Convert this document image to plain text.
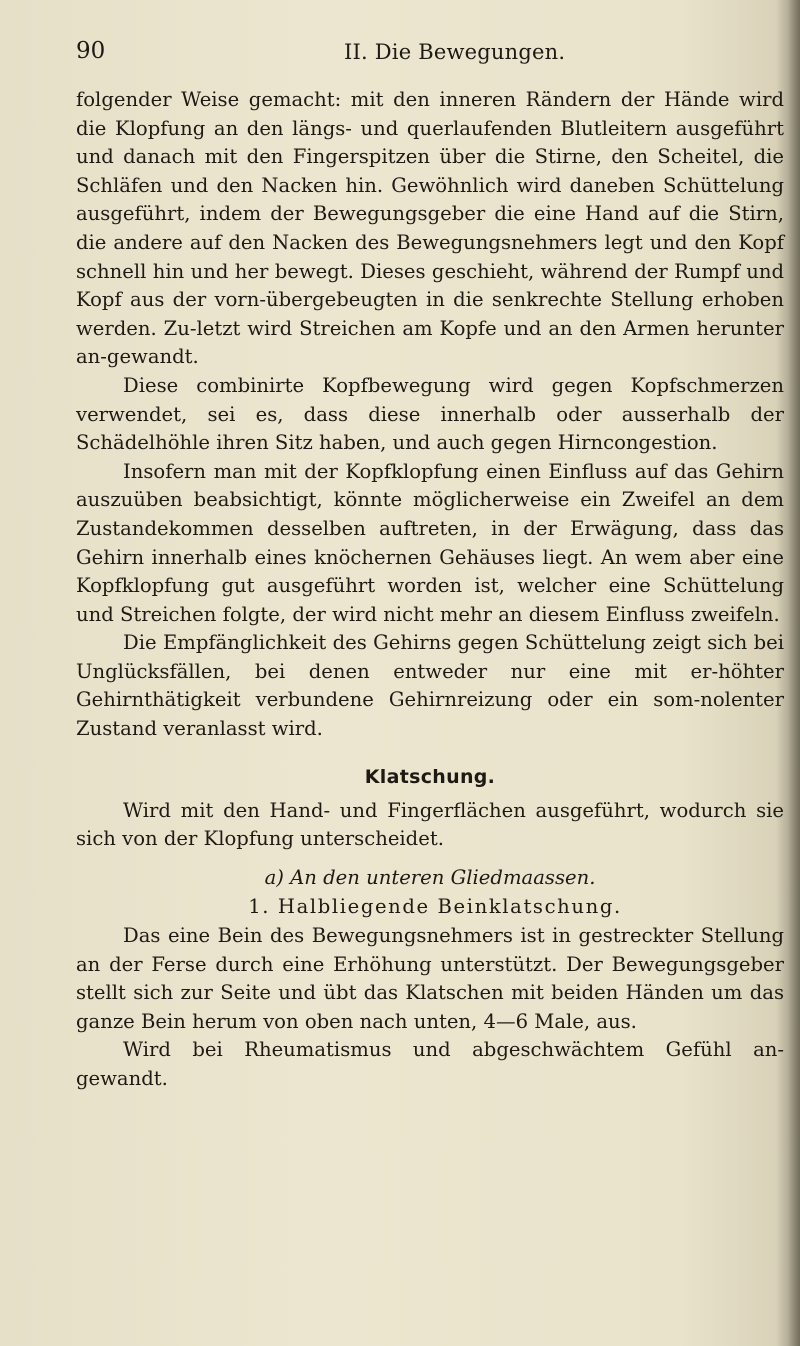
90	II. Die Bewegungen.

folgender Weise gemacht: mit den inneren Rändern der Hände wird die Klopfung an den längs- und querlaufenden Blutleitern ausgeführt und danach mit den Fingerspitzen über die Stirne, den Scheitel, die Schläfen und den Nacken hin. Gewöhnlich wird daneben Schüttelung ausgeführt, indem der Bewegungsgeber die eine Hand auf die Stirn, die andere auf den Nacken des Bewegungsnehmers legt und den Kopf schnell hin und her bewegt. Dieses geschieht, während der Rumpf und Kopf aus der vorn-übergebeugten in die senkrechte Stellung erhoben werden. Zu-letzt wird Streichen am Kopfe und an den Armen herunter an-gewandt.

Diese combinirte Kopfbewegung wird gegen Kopfschmerzen verwendet, sei es, dass diese innerhalb oder ausserhalb der Schädelhöhle ihren Sitz haben, und auch gegen Hirncongestion.

Insofern man mit der Kopfklopfung einen Einfluss auf das Gehirn auszuüben beabsichtigt, könnte möglicherweise ein Zweifel an dem Zustandekommen desselben auftreten, in der Erwägung, dass das Gehirn innerhalb eines knöchernen Gehäuses liegt. An wem aber eine Kopfklopfung gut ausgeführt worden ist, welcher eine Schüttelung und Streichen folgte, der wird nicht mehr an diesem Einfluss zweifeln.

Die Empfänglichkeit des Gehirns gegen Schüttelung zeigt sich bei Unglücksfällen, bei denen entweder nur eine mit er-höhter Gehirnthätigkeit verbundene Gehirnreizung oder ein som-nolenter Zustand veranlasst wird.

Klatschung.

Wird mit den Hand- und Fingerflächen ausgeführt, wodurch sie sich von der Klopfung unterscheidet.

a) An den unteren Gliedmaassen.

1. Halbliegende Beinklatschung.

Das eine Bein des Bewegungsnehmers ist in gestreckter Stellung an der Ferse durch eine Erhöhung unterstützt. Der Bewegungsgeber stellt sich zur Seite und übt das Klatschen mit beiden Händen um das ganze Bein herum von oben nach unten, 4—6 Male, aus.

Wird bei Rheumatismus und abgeschwächtem Gefühl an-gewandt.
